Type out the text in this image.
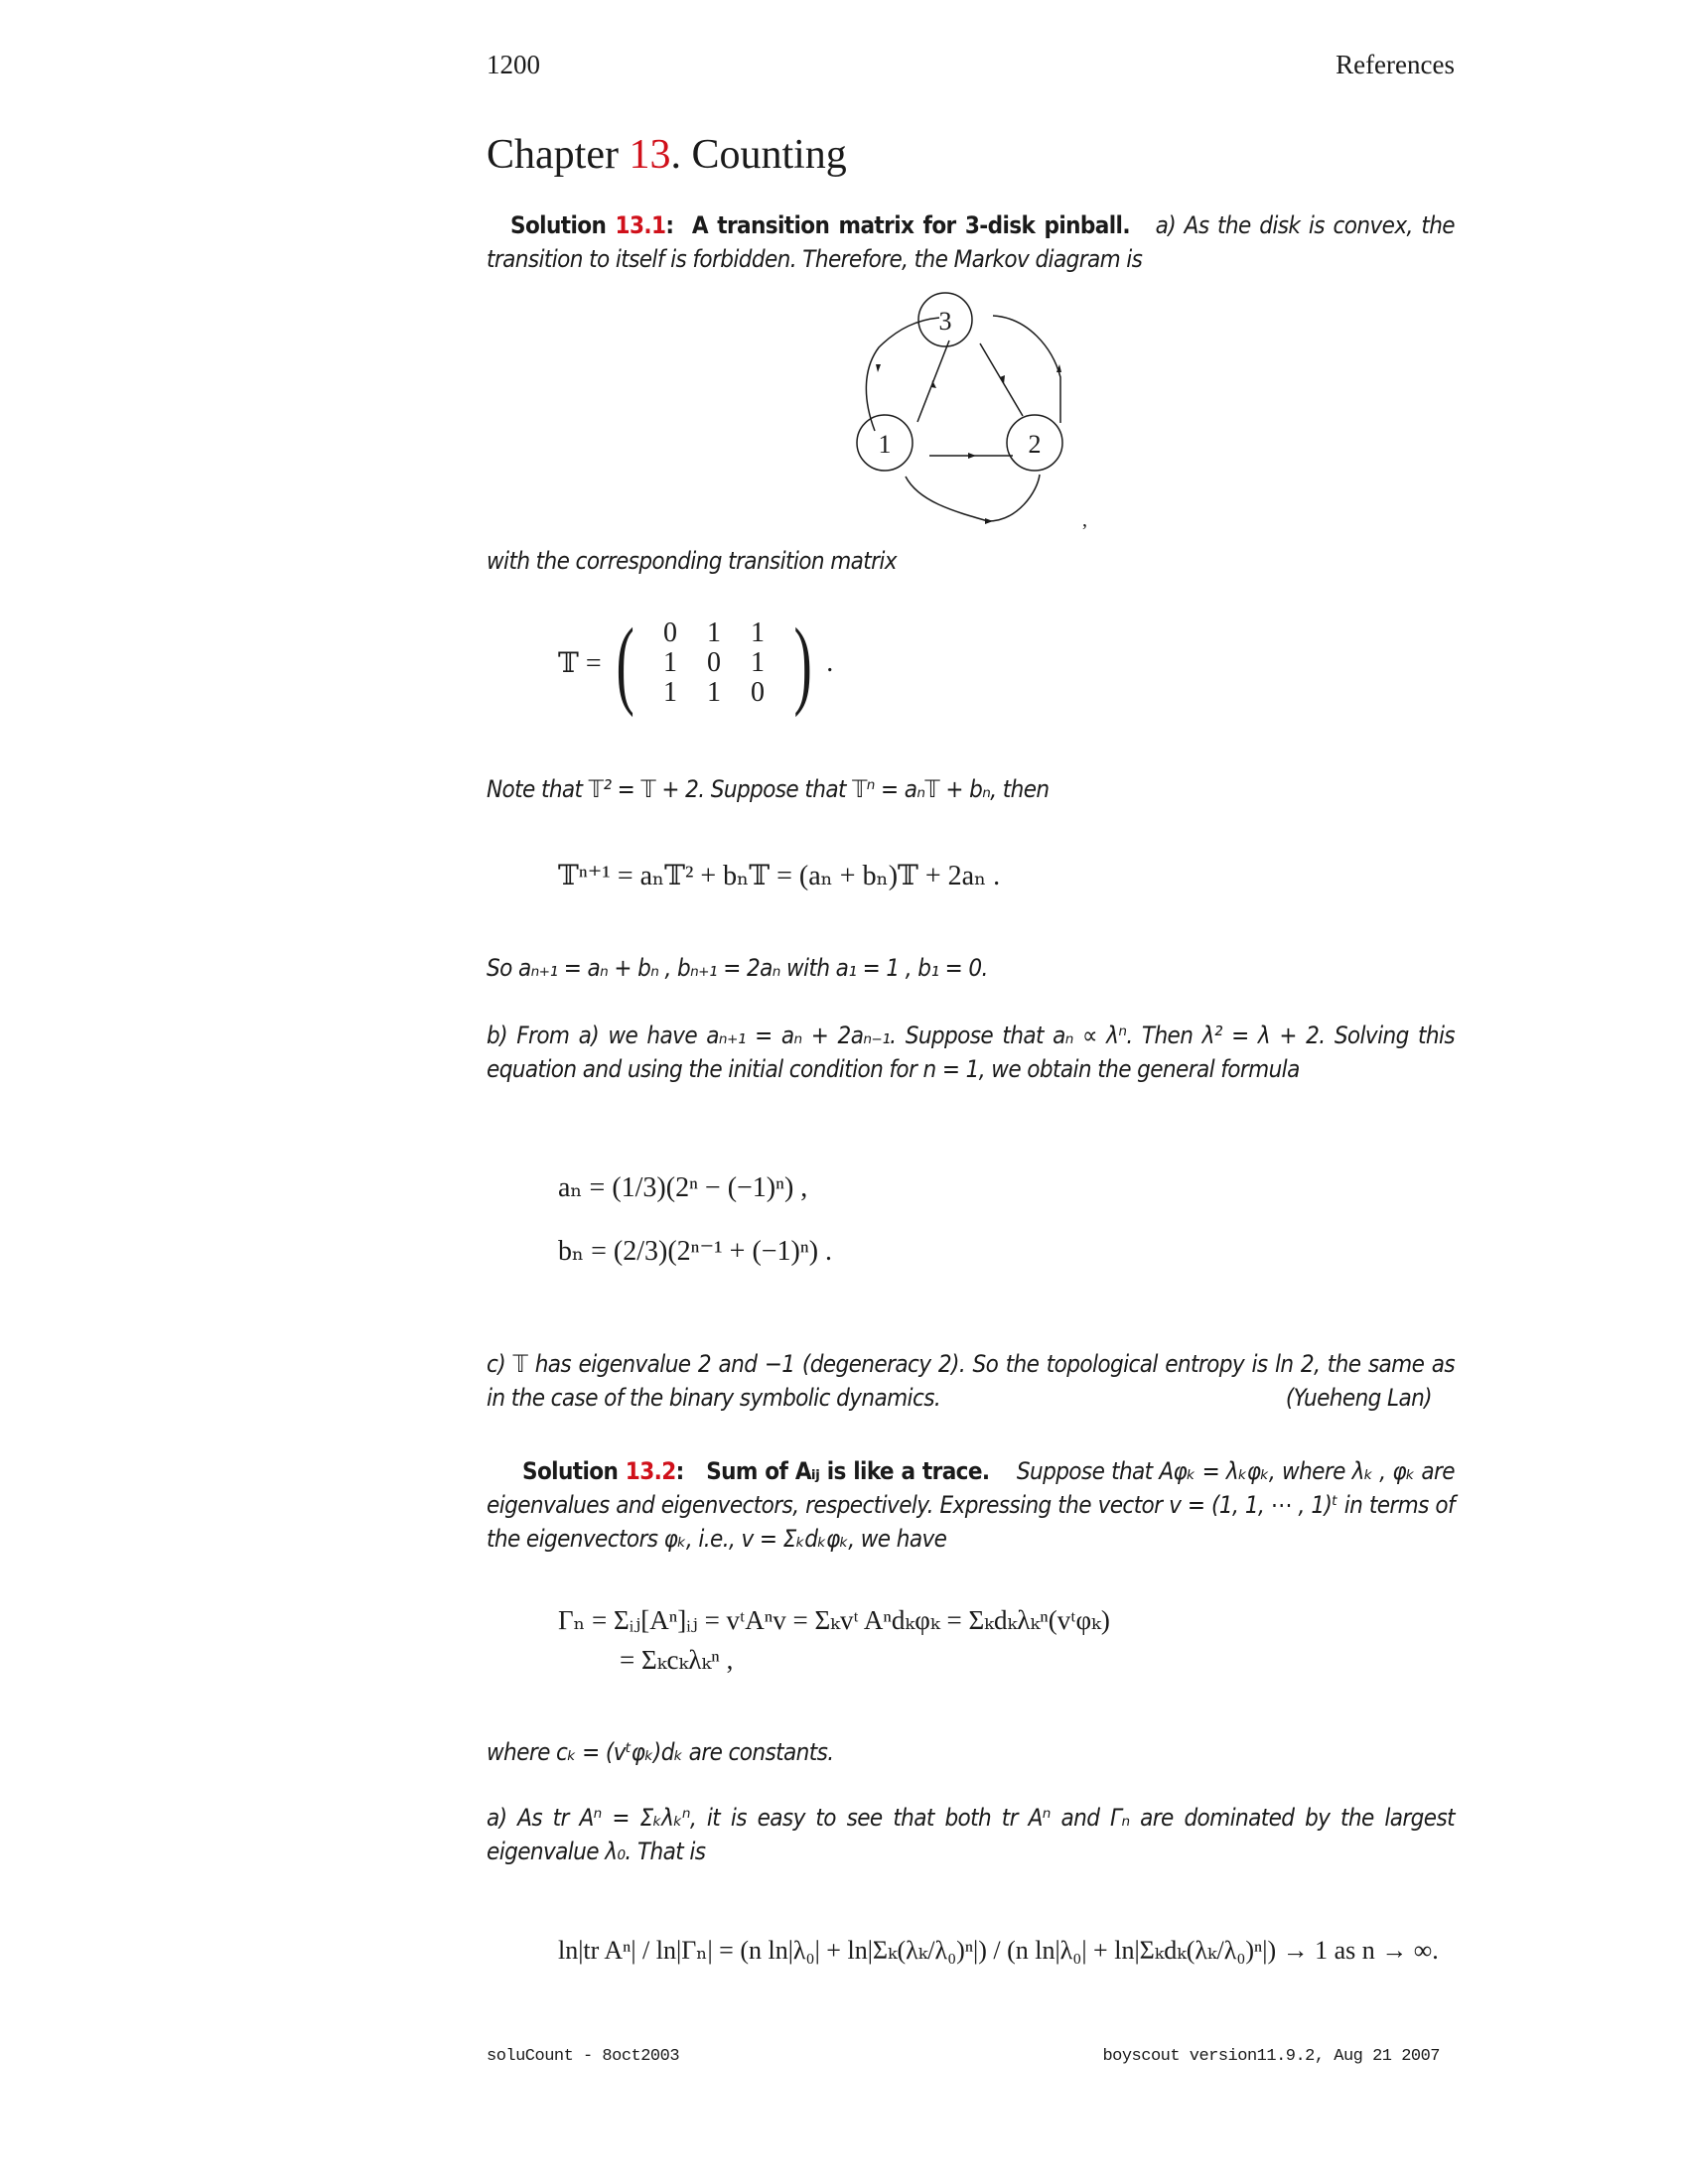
1200	References
Chapter 13. Counting
Solution 13.1:  A transition matrix for 3-disk pinball. a) As the disk is convex, the transition to itself is forbidden. Therefore, the Markov diagram is
3
1	2
,
with the corresponding transition matrix
𝕋 = (	0	1	1
1	0	1
1	1	0 ) .
Note that 𝕋² = 𝕋 + 2. Suppose that 𝕋ⁿ = aₙ𝕋 + bₙ, then
𝕋ⁿ⁺¹ = aₙ𝕋² + bₙ𝕋 = (aₙ + bₙ)𝕋 + 2aₙ .
So aₙ₊₁ = aₙ + bₙ , bₙ₊₁ = 2aₙ with a₁ = 1 , b₁ = 0.
b) From a) we have aₙ₊₁ = aₙ + 2aₙ₋₁. Suppose that aₙ ∝ λⁿ. Then λ² = λ + 2. Solving this equation and using the initial condition for n = 1, we obtain the general formula
aₙ = (1/3)(2ⁿ − (−1)ⁿ) ,
bₙ = (2/3)(2ⁿ⁻¹ + (−1)ⁿ) .
c) 𝕋 has eigenvalue 2 and −1 (degeneracy 2). So the topological entropy is ln 2, the same as in the case of the binary symbolic dynamics.	(Yueheng Lan)
Solution 13.2:   Sum of Aᵢⱼ is like a trace. Suppose that Aφₖ = λₖφₖ, where λₖ , φₖ are eigenvalues and eigenvectors, respectively. Expressing the vector v = (1, 1, ⋯ , 1)ᵗ in terms of the eigenvectors φₖ, i.e., v = Σₖdₖφₖ, we have
Γₙ = Σᵢⱼ[Aⁿ]ᵢⱼ = vᵗAⁿv = Σₖvᵗ Aⁿdₖφₖ = Σₖdₖλₖⁿ(vᵗφₖ)
= Σₖcₖλₖⁿ ,
where cₖ = (vᵗφₖ)dₖ are constants.
a) As tr Aⁿ = Σₖλₖⁿ, it is easy to see that both tr Aⁿ and Γₙ are dominated by the largest eigenvalue λ₀. That is
ln|tr Aⁿ| / ln|Γₙ| = (n ln|λ₀| + ln|Σₖ(λₖ/λ₀)ⁿ|) / (n ln|λ₀| + ln|Σₖdₖ(λₖ/λ₀)ⁿ|) → 1 as n → ∞.
soluCount - 8oct2003	boyscout version11.9.2, Aug 21 2007
